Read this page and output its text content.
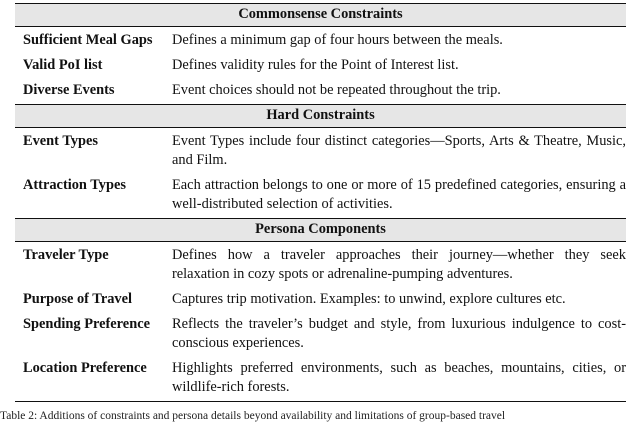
Commonsense Constraints	
Sufficient Meal Gaps	Defines a minimum gap of four hours between the meals.
Valid PoI list	Defines validity rules for the Point of Interest list.
Diverse Events	Event choices should not be repeated throughout the trip.
Hard Constraints	
Event Types	Event Types include four distinct categories—Sports, Arts & Theatre, Music, and Film.
Attraction Types	Each attraction belongs to one or more of 15 predefined categories, ensuring a well-distributed selection of activities.
Persona Components	
Traveler Type	Defines how a traveler approaches their journey—whether they seek relaxation in cozy spots or adrenaline-pumping adventures.
Purpose of Travel	Captures trip motivation. Examples: to unwind, explore cultures etc.
Spending Preference	Reflects the traveler’s budget and style, from luxurious indulgence to cost-conscious experiences.
Location Preference	Highlights preferred environments, such as beaches, mountains, cities, or wildlife-rich forests.
Table 2: Additions of constraints and persona details beyond availability and limitations of group-based travel
